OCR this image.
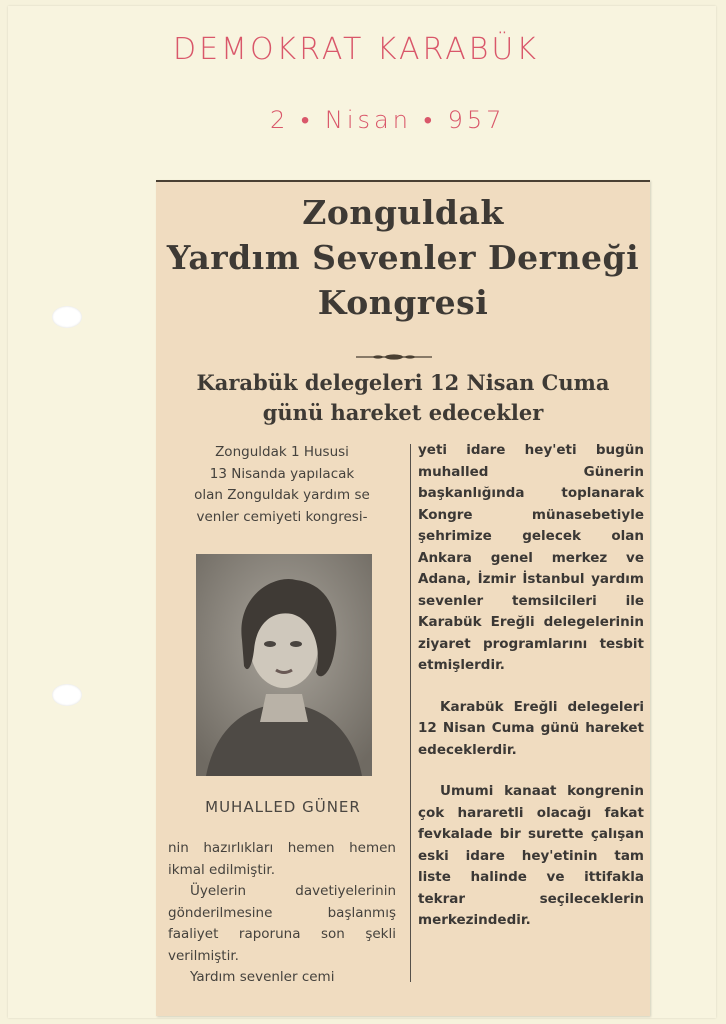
DEMOKRAT KARABÜK
2 • Nisan • 957
Zonguldak
Yardım Sevenler Derneği
Kongresi
Karabük delegeleri 12 Nisan Cuma
günü hareket edecekler
Zonguldak 1 Hususi
13 Nisanda yapılacak
olan Zonguldak yardım se
venler cemiyeti kongresi-
MUHALLED GÜNER

nin hazırlıkları hemen hemen ikmal edilmiştir.

Üyelerin davetiyelerinin gönderilmesine başlanmış faaliyet raporuna son şekli verilmiştir.

Yardım sevenler cemi

yeti idare hey'eti bugün muhalled Günerin başkanlığında toplanarak Kongre münasebetiyle şehrimize gelecek olan Ankara genel merkez ve Adana, İzmir İstanbul yardım sevenler temsilcileri ile Karabük Ereğli delegelerinin ziyaret programlarını tesbit etmişlerdir.

Karabük Ereğli delegeleri 12 Nisan Cuma günü hareket edeceklerdir.

Umumi kanaat kongrenin çok hararetli olacağı fakat fevkalade bir surette çalışan eski idare hey'etinin tam liste halinde ve ittifakla tekrar seçileceklerin merkezindedir.
